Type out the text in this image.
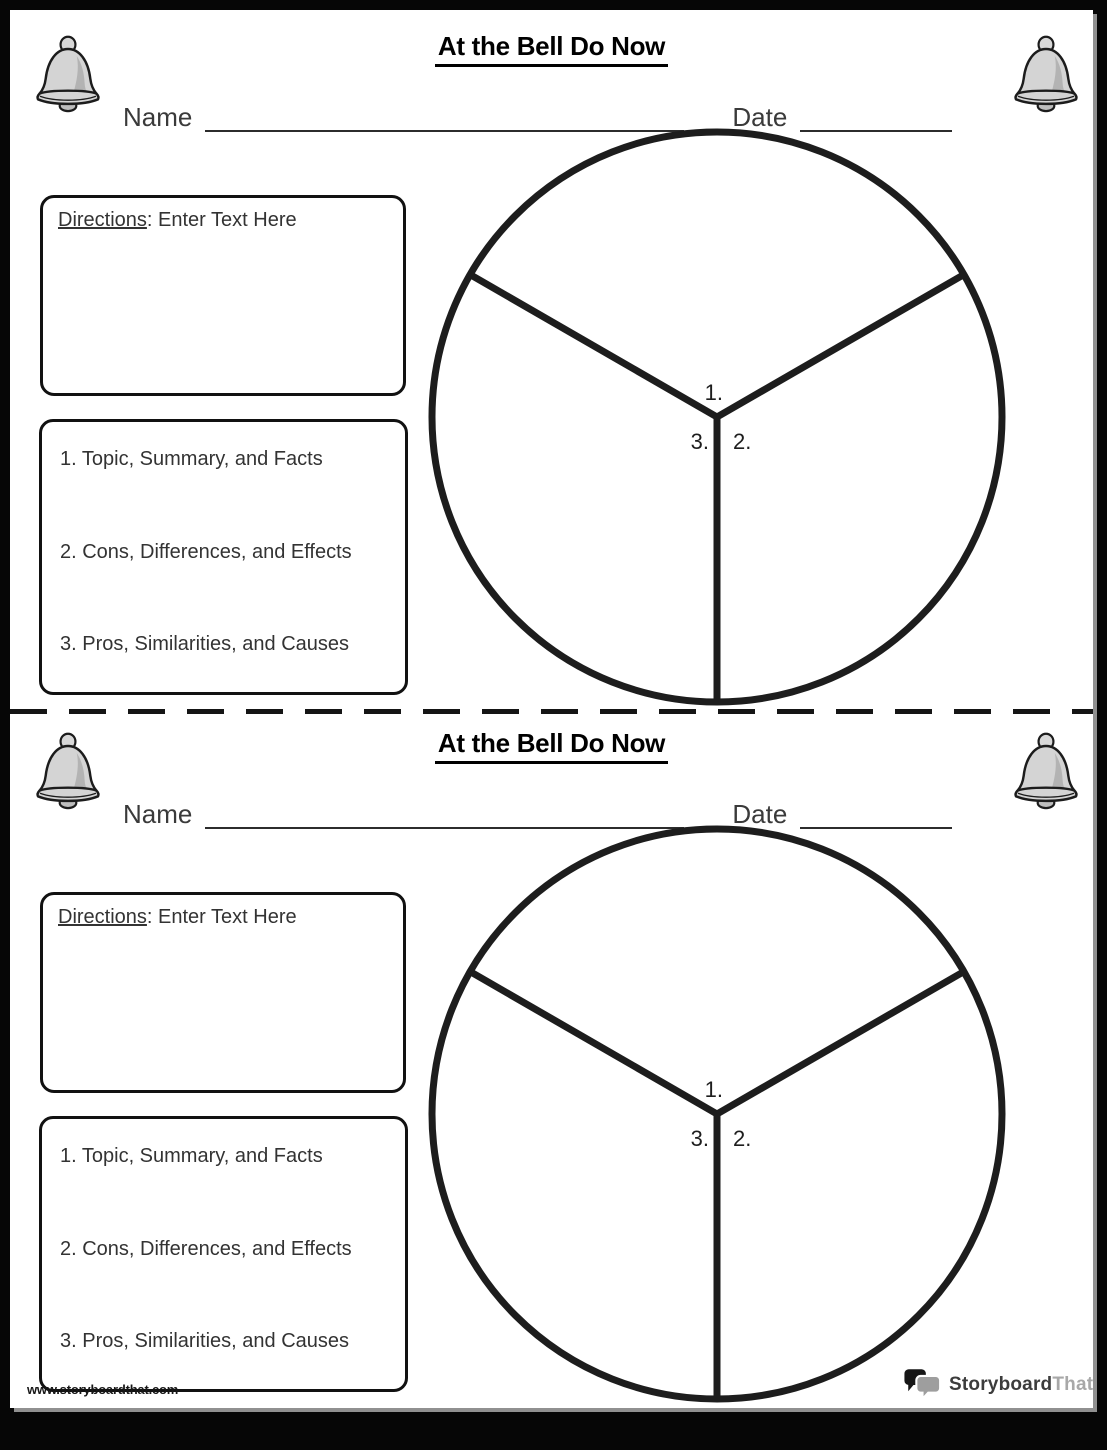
At the Bell Do Now
Name	Date
Directions: Enter Text Here
1. Topic, Summary, and Facts
2. Cons, Differences, and Effects
3. Pros, Similarities, and Causes
1.
3. 2.
At the Bell Do Now
Name	Date
Directions: Enter Text Here
1. Topic, Summary, and Facts
2. Cons, Differences, and Effects
3. Pros, Similarities, and Causes
1.
3. 2.
www.storyboardthat.com	StoryboardThat
